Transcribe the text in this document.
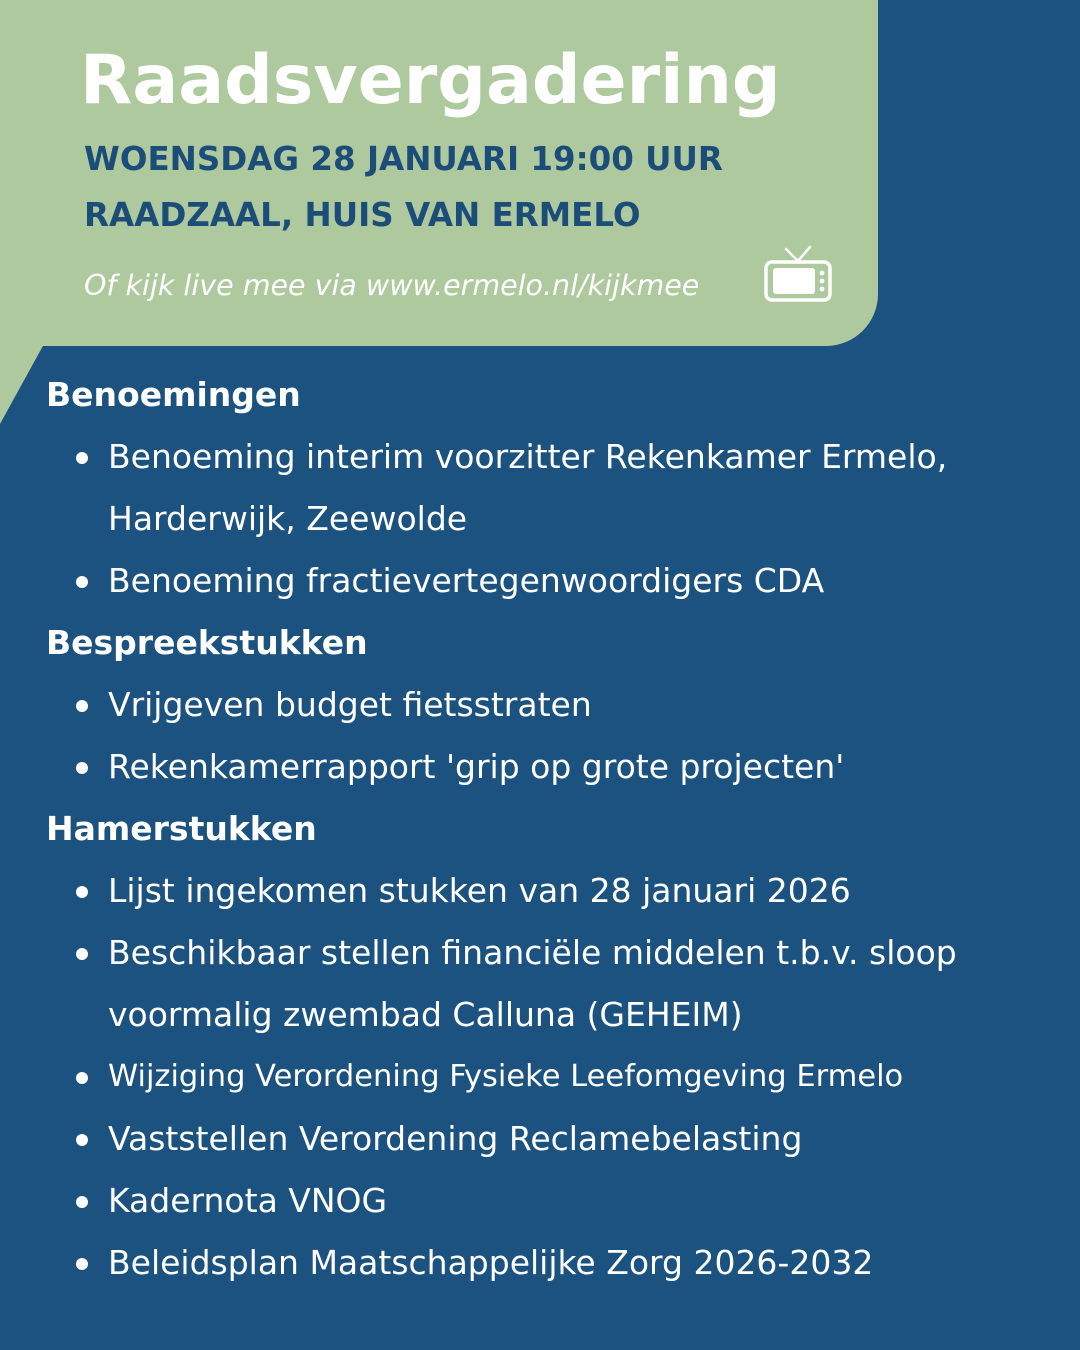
Raadsvergadering

WOENSDAG 28 JANUARI 19:00 UUR

RAADZAAL, HUIS VAN ERMELO

Of kijk live mee via www.ermelo.nl/kijkmee

Benoemingen
Benoeming interim voorzitter Rekenkamer Ermelo,
Harderwijk, Zeewolde
Benoeming fractievertegenwoordigers CDA
Bespreekstukken
Vrijgeven budget fietsstraten
Rekenkamerrapport 'grip op grote projecten'
Hamerstukken
Lijst ingekomen stukken van 28 januari 2026
Beschikbaar stellen financiële middelen t.b.v. sloop
voormalig zwembad Calluna (GEHEIM)
Wijziging Verordening Fysieke Leefomgeving Ermelo
Vaststellen Verordening Reclamebelasting
Kadernota VNOG
Beleidsplan Maatschappelijke Zorg 2026-2032
